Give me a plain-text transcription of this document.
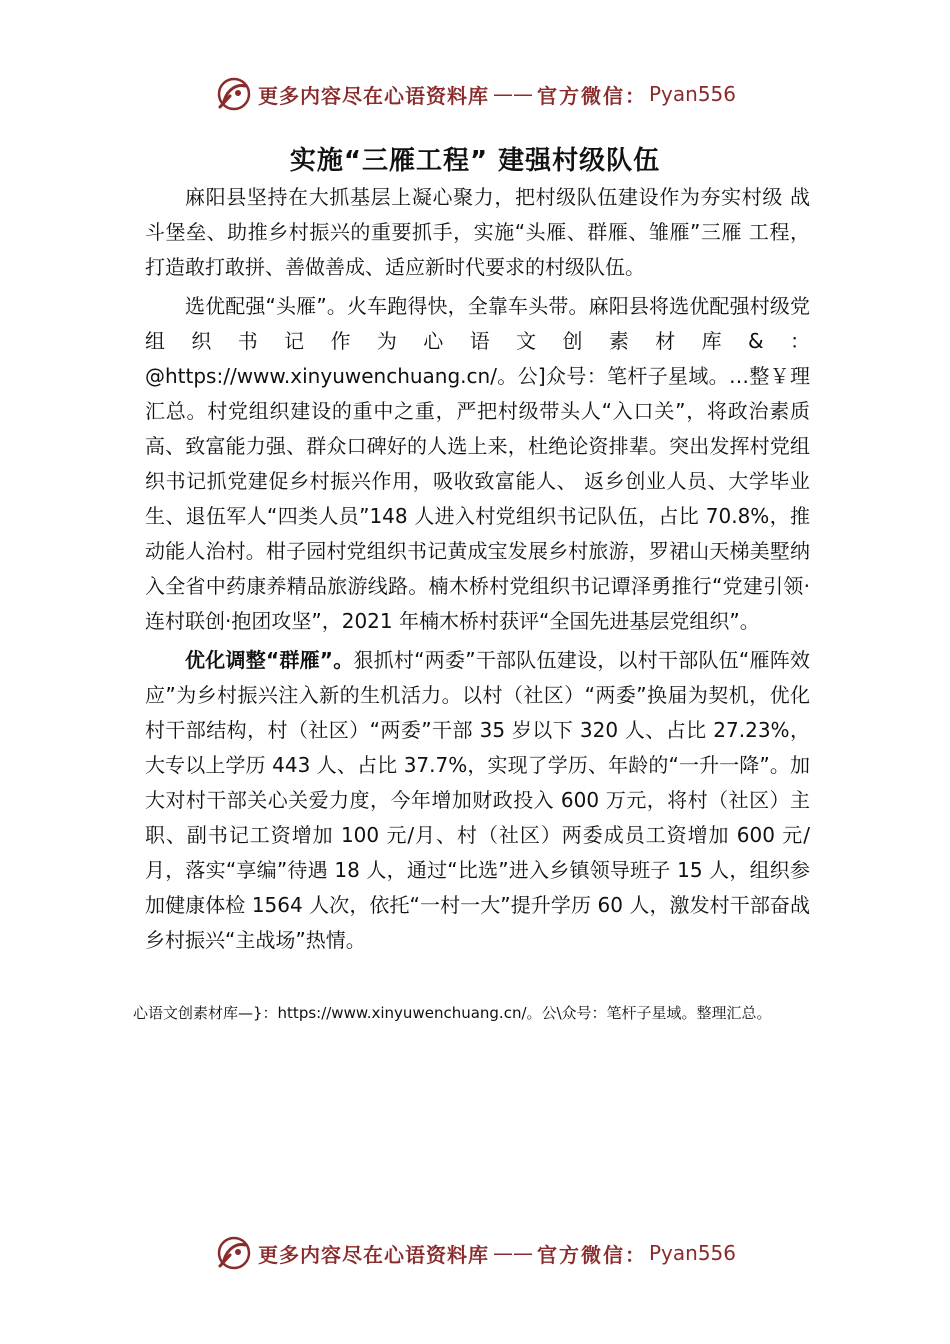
更多内容尽在心语资料库 —— 官方微信： Pyan556
实施“三雁工程” 建强村级队伍

麻阳县坚持在大抓基层上凝心聚力，把村级队伍建设作为夯实村级 战斗堡垒、助推乡村振兴的重要抓手，实施“头雁、群雁、雏雁”三雁 工程，打造敢打敢拼、善做善成、适应新时代要求的村级队伍。

选优配强“头雁”。火车跑得快，全靠车头带。麻阳县将选优配强村级党组织书记作为心语文创素材库&：@https://www.xinyuwenchuang.cn/。公]众号：笔杆子星域。…整￥理汇总。村党组织建设的重中之重，严把村级带头人“入口关”，将政治素质高、致富能力强、群众口碑好的人选上来，杜绝论资排辈。突出发挥村党组织书记抓党建促乡村振兴作用，吸收致富能人、 返乡创业人员、大学毕业生、退伍军人“四类人员”148 人进入村党组织书记队伍，占比 70.8%，推动能人治村。柑子园村党组织书记黄成宝发展乡村旅游，罗裙山天梯美墅纳入全省中药康养精品旅游线路。楠木桥村党组织书记谭泽勇推行“党建引领·连村联创·抱团攻坚”，2021 年楠木桥村获评“全国先进基层党组织”。

优化调整“群雁”。狠抓村“两委”干部队伍建设，以村干部队伍“雁阵效应”为乡村振兴注入新的生机活力。以村（社区）“两委”换届为契机，优化村干部结构，村（社区）“两委”干部 35 岁以下 320 人、占比 27.23%，大专以上学历 443 人、占比 37.7%，实现了学历、年龄的“一升一降”。加大对村干部关心关爱力度，今年增加财政投入 600 万元，将村（社区）主职、副书记工资增加 100 元/月、村（社区）两委成员工资增加 600 元/月，落实“享编”待遇 18 人，通过“比选”进入乡镇领导班子 15 人，组织参加健康体检 1564 人次，依托“一村一大”提升学历 60 人，激发村干部奋战乡村振兴“主战场”热情。

心语文创素材库—}：https://www.xinyuwenchuang.cn/。公\众号：笔杆子星域。整理汇总。
更多内容尽在心语资料库 —— 官方微信： Pyan556
